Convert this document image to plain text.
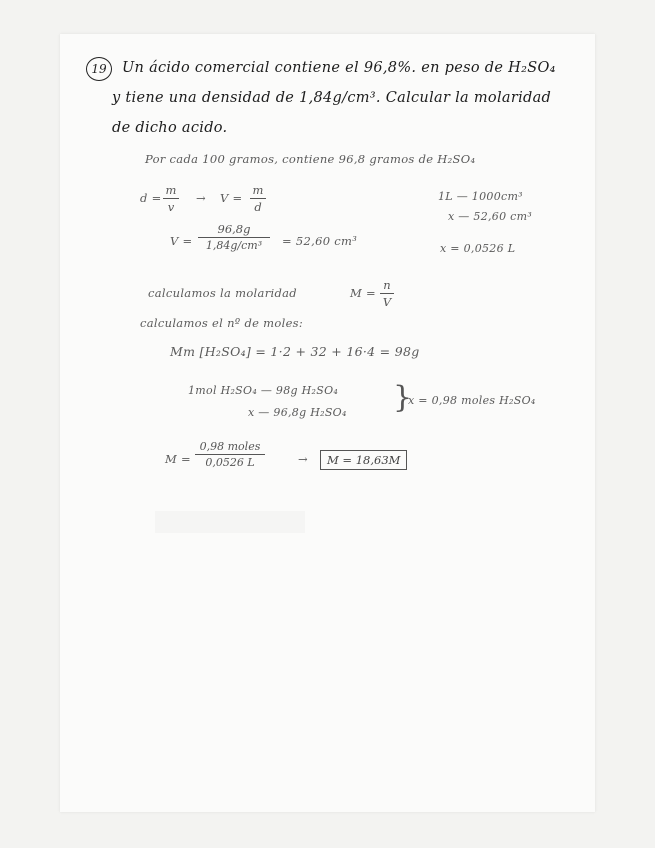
19	Un ácido comercial contiene el 96,8%. en peso de H₂SO₄
y tiene una densidad de 1,84g/cm³. Calcular la molaridad
de dicho acido.
Por cada 100 gramos, contiene 96,8 gramos de H₂SO₄
d =
m
v
→ V =
m
d
V =
96,8g
1,84g/cm³	= 52,60 cm³
1L — 1000cm³
x — 52,60 cm³
x = 0,0526 L
calculamos la molaridad	M =
n
V
calculamos el nº de moles:
Mm [H₂SO₄] = 1·2 + 32 + 16·4 = 98g
1mol H₂SO₄ — 98g H₂SO₄
x — 96,8g H₂SO₄ }
x = 0,98 moles H₂SO₄
M =
0,98 moles
0,0526 L	→	M = 18,63M
